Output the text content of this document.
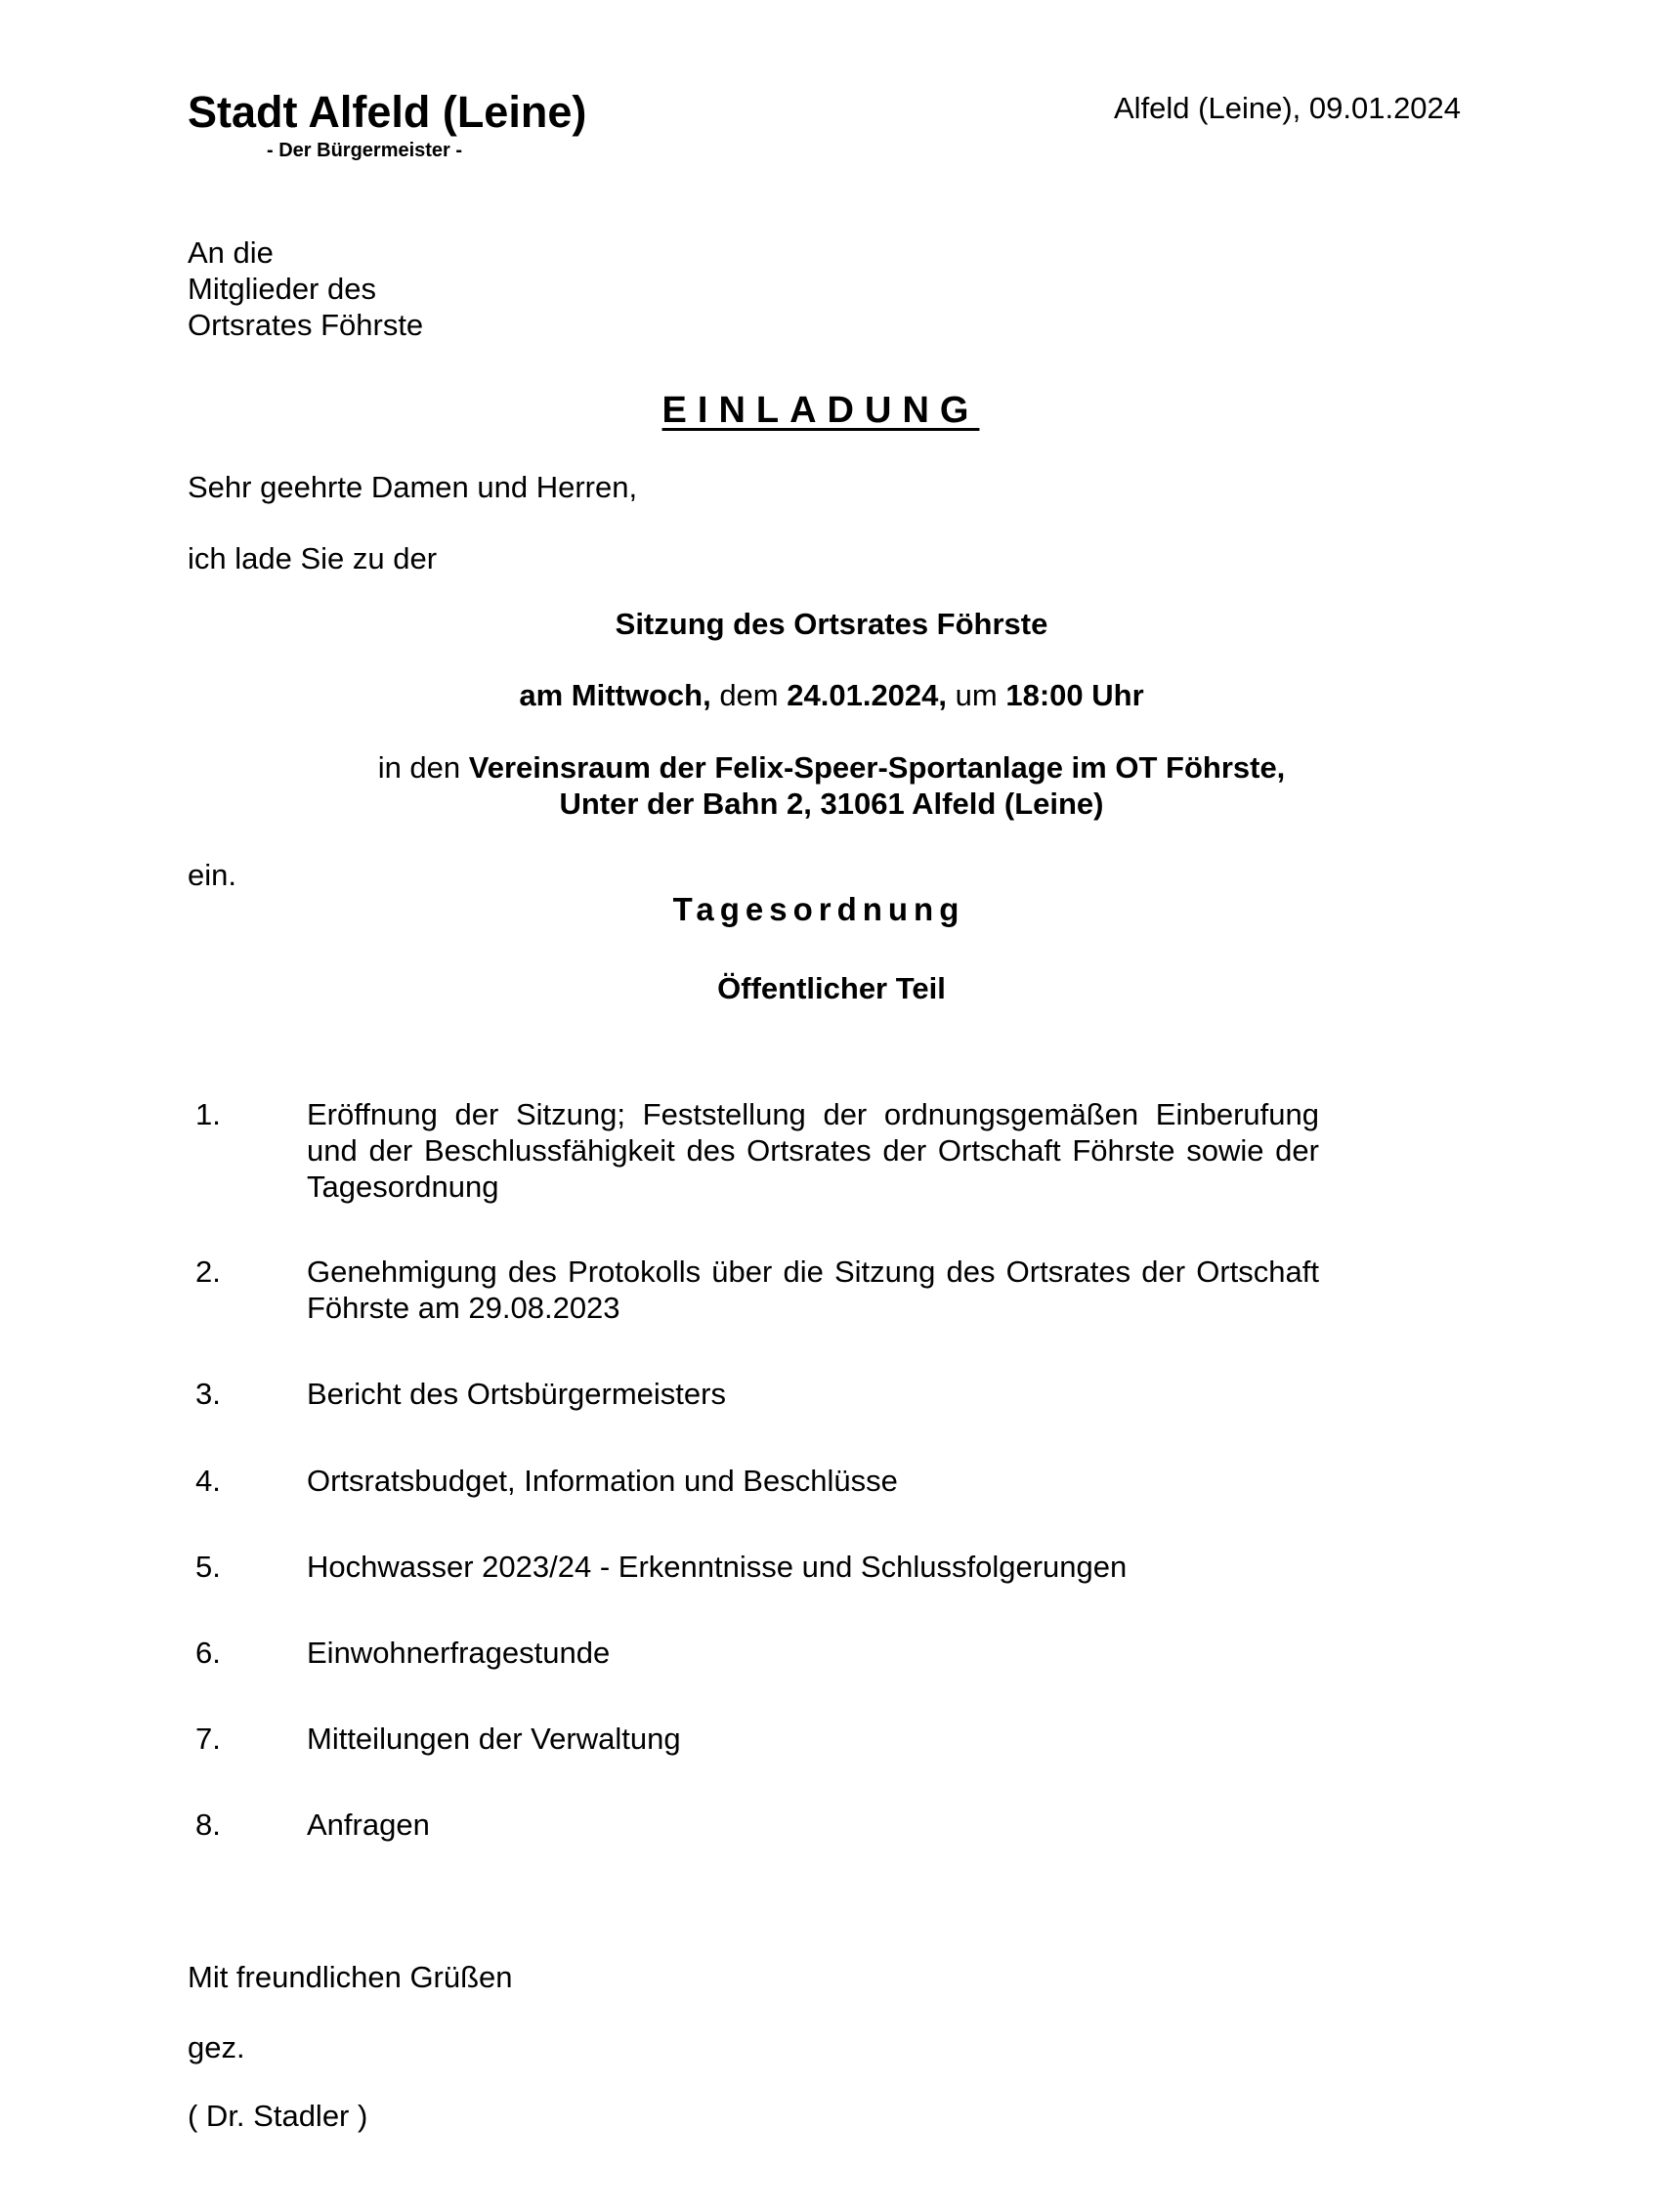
Stadt Alfeld (Leine)
- Der Bürgermeister -
Alfeld (Leine), 09.01.2024
An die
Mitglieder des
Ortsrates Föhrste
EINLADUNG
Sehr geehrte Damen und Herren,
ich lade Sie zu der
Sitzung des Ortsrates Föhrste
am Mittwoch, dem 24.01.2024, um 18:00 Uhr
in den Vereinsraum der Felix-Speer-Sportanlage im OT Föhrste,
Unter der Bahn 2, 31061 Alfeld (Leine)
ein.
Tagesordnung
Öffentlicher Teil
1.	Eröffnung der Sitzung; Feststellung der ordnungsgemäßen Einberufung und der Beschlussfähigkeit des Ortsrates der Ortschaft Föhrste sowie der Tagesordnung
2.	Genehmigung des Protokolls über die Sitzung des Ortsrates der Ortschaft Föhrste am 29.08.2023
3.	Bericht des Ortsbürgermeisters
4.	Ortsratsbudget, Information und Beschlüsse
5.	Hochwasser 2023/24 - Erkenntnisse und Schlussfolgerungen
6.	Einwohnerfragestunde
7.	Mitteilungen der Verwaltung
8.	Anfragen
Mit freundlichen Grüßen
gez.
( Dr. Stadler )
